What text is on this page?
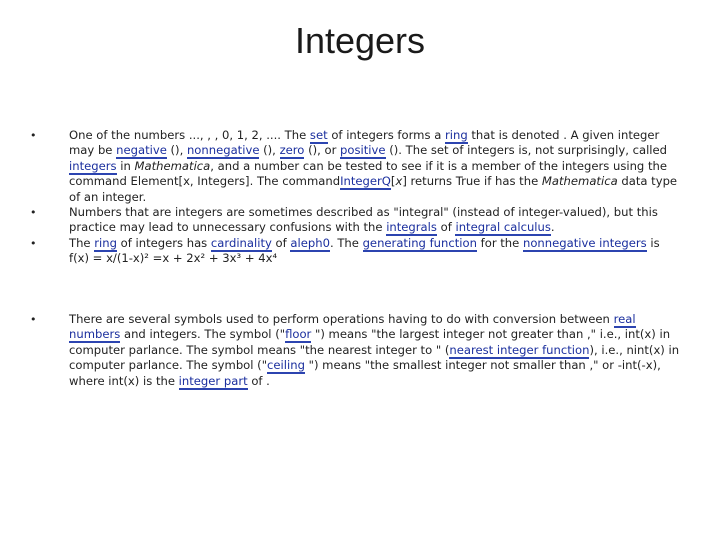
Integers
•	One of the numbers ..., , , 0, 1, 2, .... The set of integers forms a ring that is denoted . A given integer may be negative (), nonnegative (), zero (), or positive (). The set of integers is, not surprisingly, called integers in Mathematica, and a number can be tested to see if it is a member of the integers using the command Element[x, Integers]. The commandIntegerQ[x] returns True if has the Mathematica data type of an integer.
•	Numbers that are integers are sometimes described as "integral" (instead of integer-valued), but this practice may lead to unnecessary confusions with the integrals of integral calculus.
•	The ring of integers has cardinality of aleph0. The generating function for the nonnegative integers is
f(x) = x/(1-x)² =x + 2x² + 3x³ + 4x⁴
•	There are several symbols used to perform operations having to do with conversion between real numbers and integers. The symbol ("floor ") means "the largest integer not greater than ," i.e., int(x) in computer parlance. The symbol means "the nearest integer to " (nearest integer function), i.e., nint(x) in computer parlance. The symbol ("ceiling ") means "the smallest integer not smaller than ," or -int(-x), where int(x) is the integer part of .
